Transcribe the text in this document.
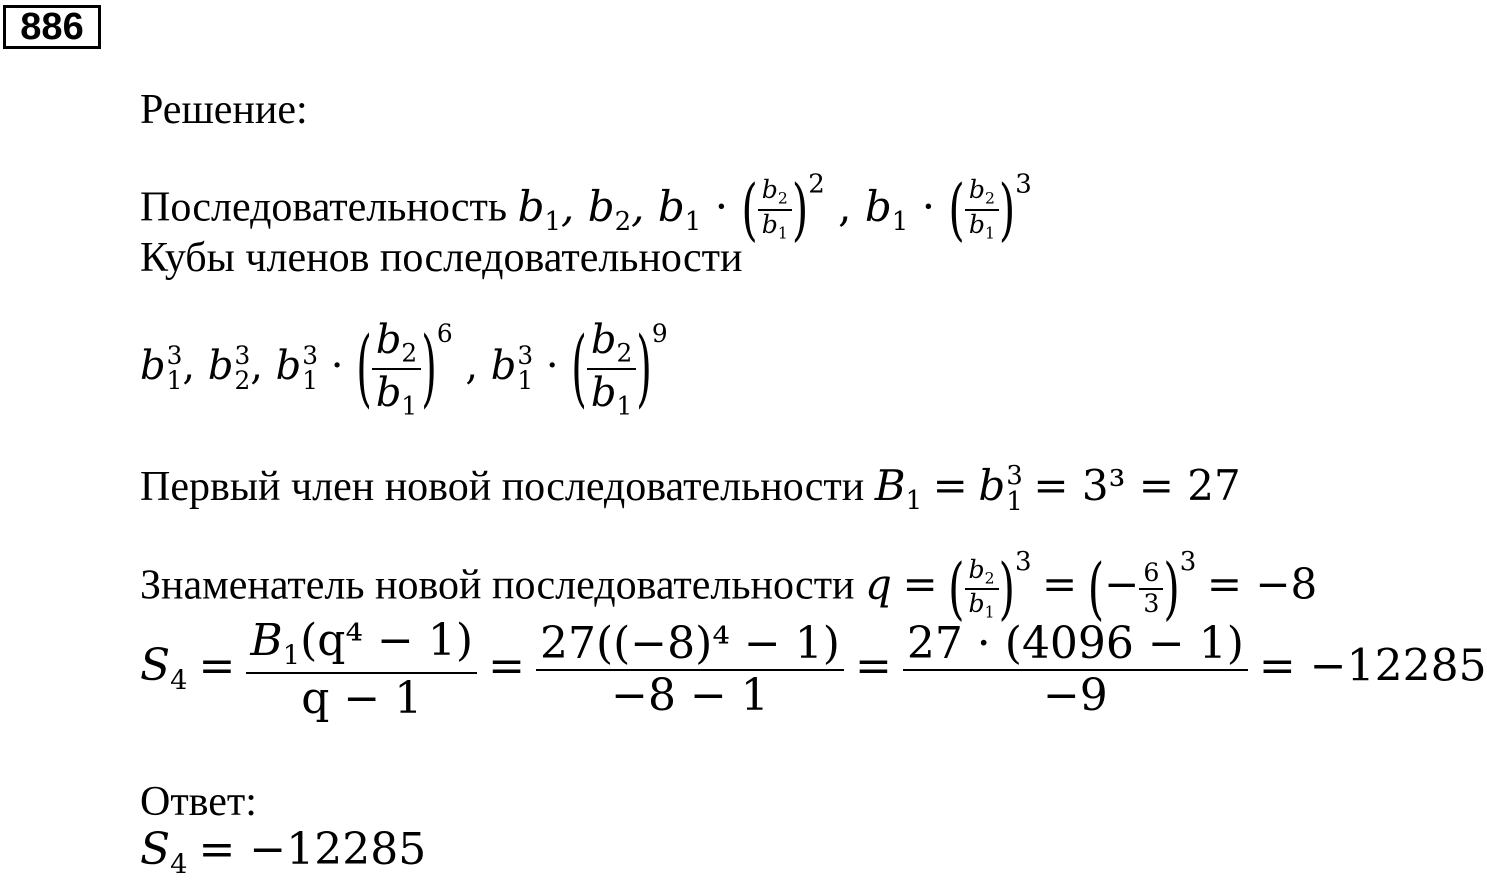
886
Решение:
Последовательность $b_1$, $b_2$, $b_1$ · ( $\frac{b_2}{b_1} )^2$ , $b_1$ · ( $\frac{b_2}{b_1} )^3$
Кубы членов последовательности
b 3
1 , b 3
2 , b 3
1 · ( $\frac{b_2}{b_1} )^6$ , b 3
1 · ( $\frac{b_2}{b_1} )^9$
Первый член новой последовательности $B_1 = b$ 3
1 = 3³ = 27
Знаменатель новой последовательности q = ( $\frac{b_2}{b_1} )^3$ = (− $\frac{6}{3} )^3 = -8$
$S_4 = \frac{B_1(q^4 - 1)}{q - 1} = \frac{\text{27((−8)⁴ − 1)}}{-8 - 1} = \frac{27 \cdot (4096 - 1)}{-9} = -12285$
Ответ:
$S_4 = -12285$
